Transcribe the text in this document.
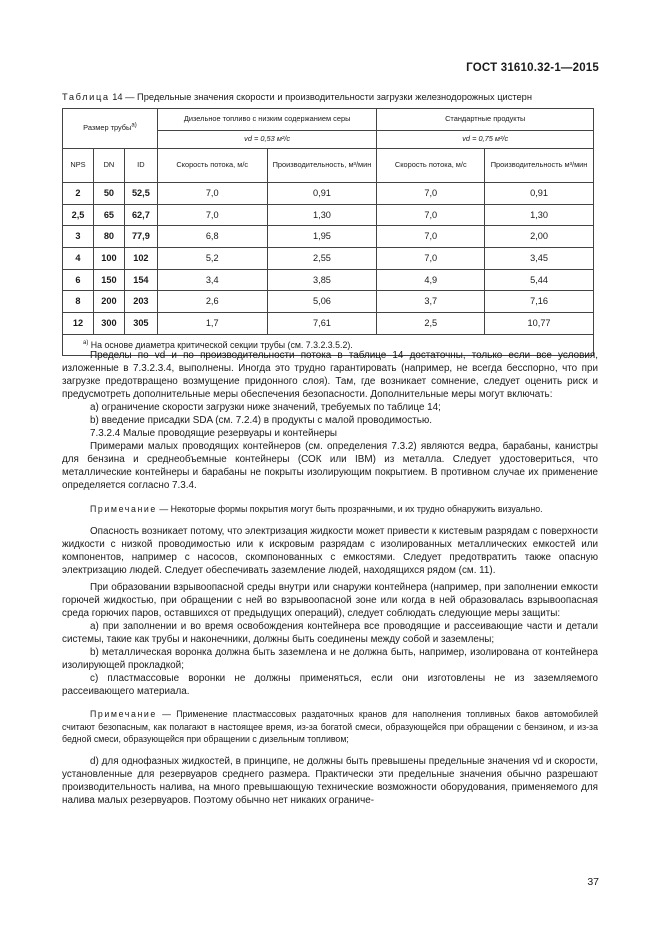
ГОСТ 31610.32-1—2015
Таблица 14 — Предельные значения скорости и производительности загрузки железнодорожных цистерн
Размер трубы$^{а)}$			Дизельное топливо с низким содержанием серы		Стандартные продукты	
			vd = 0,53 м²/с		vd = 0,75 м²/с	
NPS	DN	ID	Скорость потока, м/с	Производительность, м³/мин	Скорость потока, м/с	Производительность м³/мин
2	50	52,5	7,0	0,91	7,0	0,91
2,5	65	62,7	7,0	1,30	7,0	1,30
3	80	77,9	6,8	1,95	7,0	2,00
4	100	102	5,2	2,55	7,0	3,45
6	150	154	3,4	3,85	4,9	5,44
8	200	203	2,6	5,06	3,7	7,16
12	300	305	1,7	7,61	2,5	10,77
$^{а)}$ На основе диаметра критической секции трубы (см. 7.3.2.3.5.2).						

Пределы по vd и по производительности потока в таблице 14 достаточны, только если все условия, изложенные в 7.3.2.3.4, выполнены. Иногда это трудно гарантировать (например, не всегда бесспорно, что при загрузке предотвращено возмущение придонного слоя). Там, где возникает сомнение, следует оценить риск и предусмотреть дополнительные меры обеспечения безопасности. Дополнительные меры могут включать:

а) ограничение скорости загрузки ниже значений, требуемых по таблице 14;

b) введение присадки SDA (см. 7.2.4) в продукты с малой проводимостью.

7.3.2.4 Малые проводящие резервуары и контейнеры

Примерами малых проводящих контейнеров (см. определения 7.3.2) являются ведра, барабаны, канистры для бензина и среднеобъемные контейнеры (СОК или IBM) из металла. Следует удостовериться, что металлические контейнеры и барабаны не покрыты изолирующим покрытием. В противном случае их применение определяется согласно 7.3.4.

Примечание — Некоторые формы покрытия могут быть прозрачными, и их трудно обнаружить визуально.

Опасность возникает потому, что электризация жидкости может привести к кистевым разрядам с поверхности жидкости с низкой проводимостью или к искровым разрядам с изолированных металлических емкостей или компонентов, например с насосов, скомпонованных с емкостями. Следует предотвратить также опасную электризацию людей. Следует обеспечивать заземление людей, находящихся рядом (см. 11).

При образовании взрывоопасной среды внутри или снаружи контейнера (например, при заполнении емкости горючей жидкостью, при обращении с ней во взрывоопасной зоне или когда в ней образовалась взрывоопасная среда горючих паров, оставшихся от предыдущих операций), следует соблюдать следующие меры защиты:

а) при заполнении и во время освобождения контейнера все проводящие и рассеивающие части и детали системы, такие как трубы и наконечники, должны быть соединены между собой и заземлены;

b) металлическая воронка должна быть заземлена и не должна быть, например, изолирована от контейнера изолирующей прокладкой;

с) пластмассовые воронки не должны применяться, если они изготовлены не из заземляемого рассеивающего материала.

Примечание — Применение пластмассовых раздаточных кранов для наполнения топливных баков автомобилей считают безопасным, как полагают в настоящее время, из-за богатой смеси, образующейся при обращении с бензином, и из-за бедной смеси, образующейся при обращении с дизельным топливом;

d) для однофазных жидкостей, в принципе, не должны быть превышены предельные значения vd и скорости, установленные для резервуаров среднего размера. Практически эти предельные значения обычно разрешают производительность налива, на много превышающую технические возможности оборудования, применяемого для налива малых резервуаров. Поэтому обычно нет никаких ограниче-

37
